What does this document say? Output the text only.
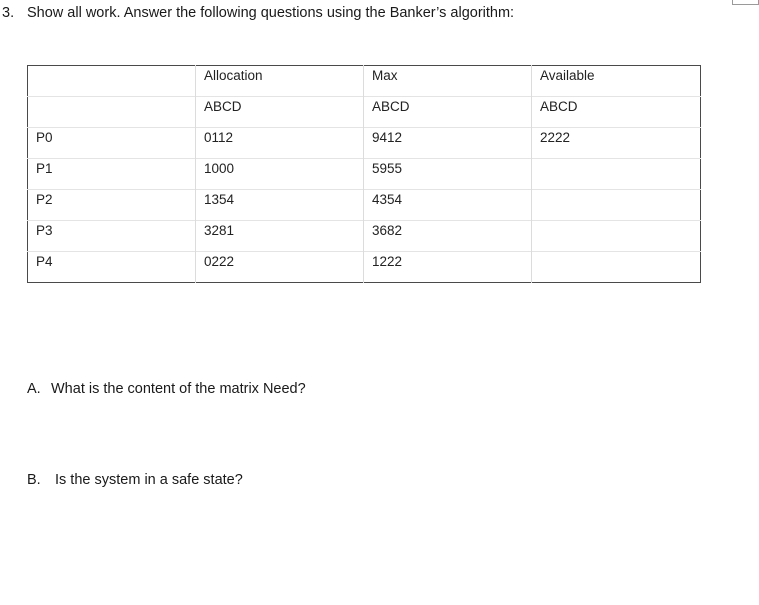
3. Show all work. Answer the following questions using the Banker’s algorithm:
	Allocation	Max	Available
	ABCD	ABCD	ABCD
P0	0112	9412	2222
P1	1000	5955	
P2	1354	4354	
P3	3281	3682	
P4	0222	1222	
A. What is the content of the matrix Need?
B. Is the system in a safe state?
